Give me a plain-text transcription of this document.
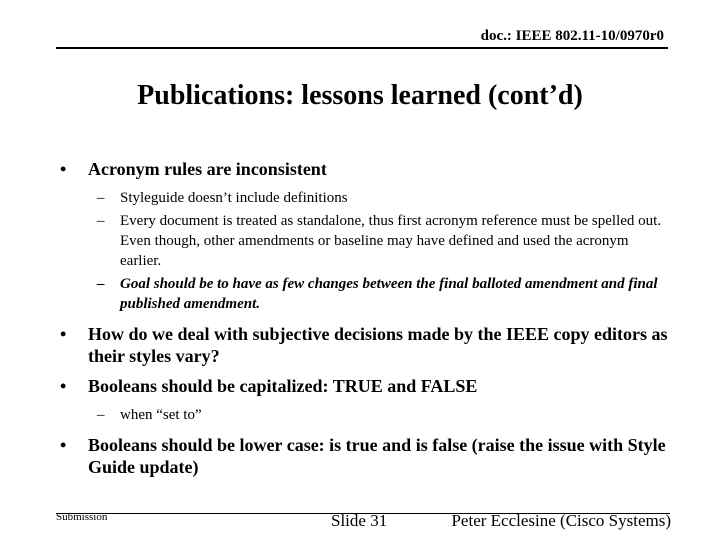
doc.: IEEE 802.11-10/0970r0
Publications: lessons learned (cont’d)
• Acronym rules are inconsistent
– Styleguide doesn’t include definitions
– Every document is treated as standalone, thus first acronym reference must be spelled out. Even though, other amendments or baseline may have defined and used the acronym earlier.
– Goal should be to have as few changes between the final balloted amendment and final published amendment.
• How do we deal with subjective decisions made by the IEEE copy editors as their styles vary?
• Booleans should be capitalized: TRUE and FALSE
– when “set to”
• Booleans should be lower case: is true and is false (raise the issue with Style Guide update)
Submission	Slide 31	Peter Ecclesine (Cisco Systems)
